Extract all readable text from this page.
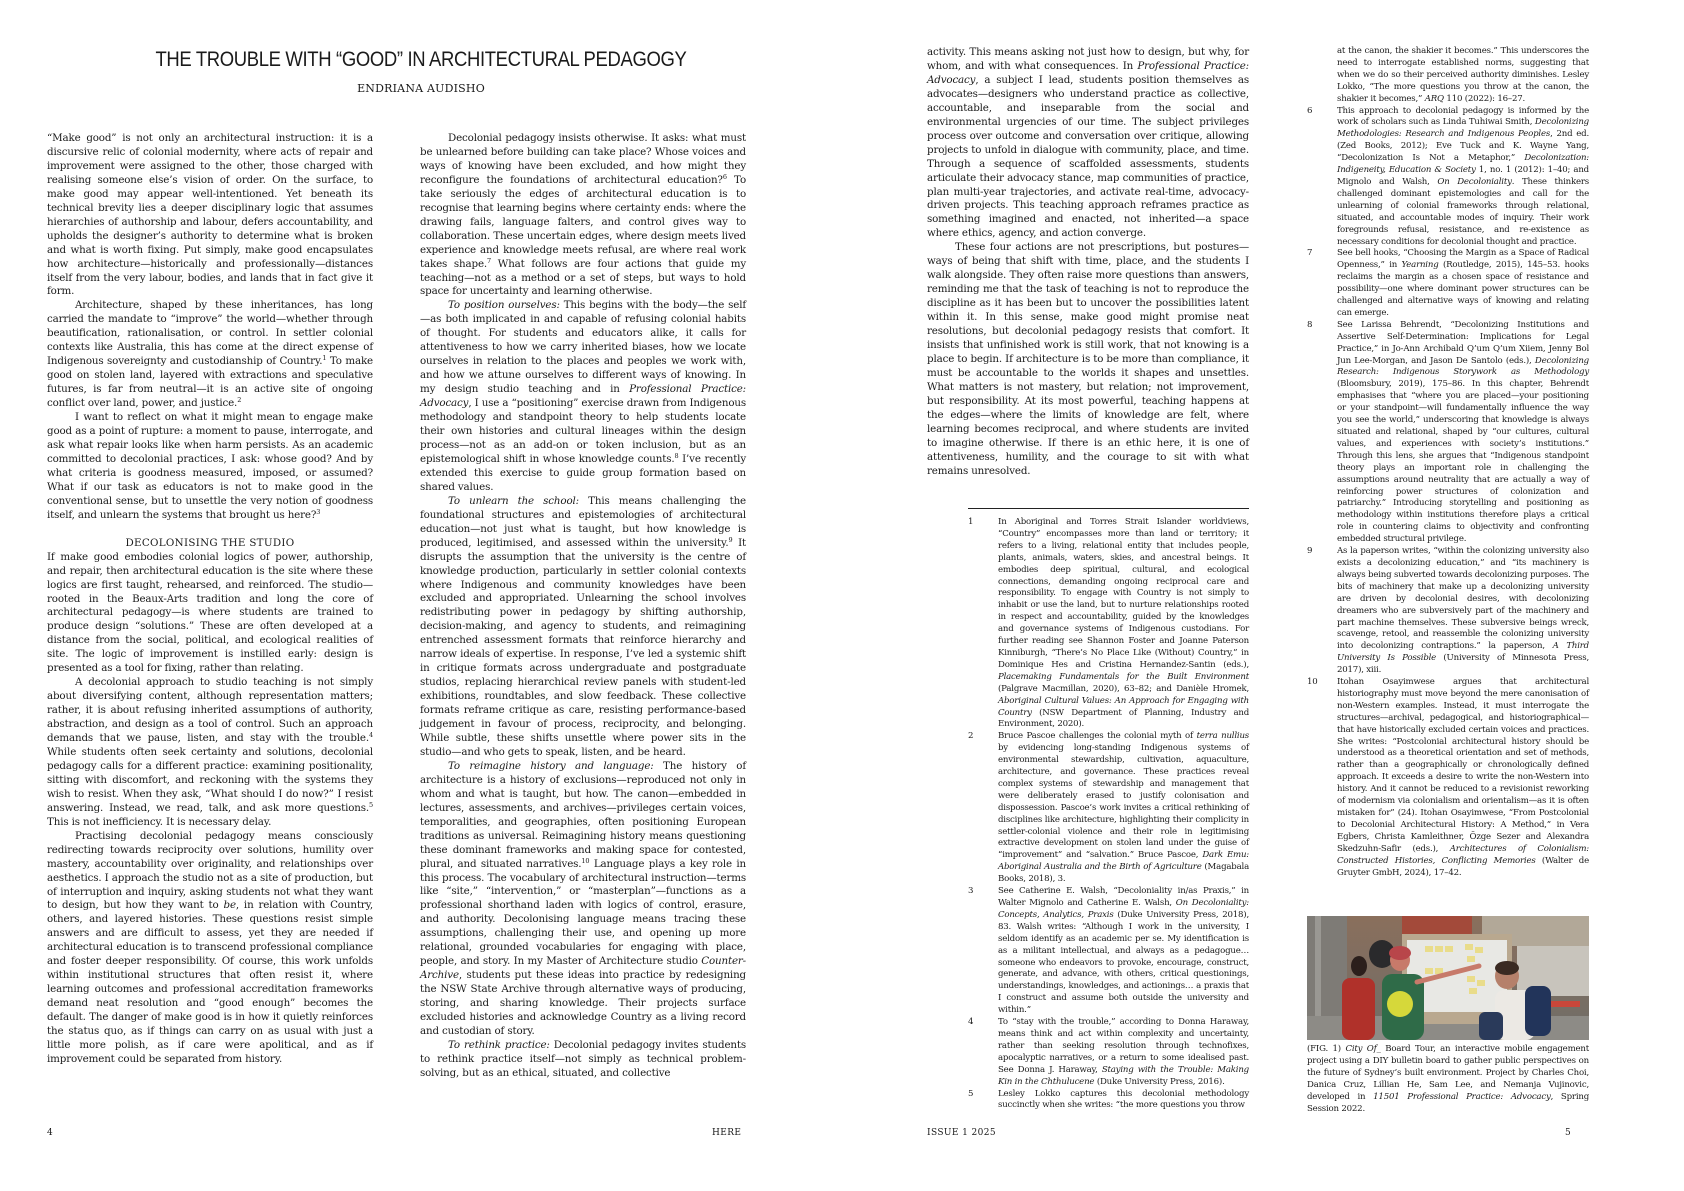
THE TROUBLE WITH “GOOD” IN ARCHITECTURAL PEDAGOGY
ENDRIANA AUDISHO

“Make good” is not only an architectural instruction: it is a discursive relic of colonial modernity, where acts of repair and improvement were assigned to the other, those charged with realising someone else’s vision of order. On the surface, to make good may appear well-intentioned. Yet beneath its technical brevity lies a deeper disciplinary logic that assumes hierarchies of authorship and labour, defers accountability, and upholds the designer’s authority to determine what is broken and what is worth fixing. Put simply, make good encapsulates how architecture—historically and professionally—distances itself from the very labour, bodies, and lands that in fact give it form.

Architecture, shaped by these inheritances, has long carried the mandate to “improve” the world—whether through beautification, rationalisation, or control. In settler colonial contexts like Australia, this has come at the direct expense of Indigenous sovereignty and custodianship of Country.$^1$ To make good on stolen land, layered with extractions and speculative futures, is far from neutral—it is an active site of ongoing conflict over land, power, and justice.$^2$

I want to reflect on what it might mean to engage make good as a point of rupture: a moment to pause, interrogate, and ask what repair looks like when harm persists. As an academic committed to decolonial practices, I ask: whose good? And by what criteria is goodness measured, imposed, or assumed? What if our task as educators is not to make good in the conventional sense, but to unsettle the very notion of goodness itself, and unlearn the systems that brought us here?$^3$

DECOLONISING THE STUDIO

If make good embodies colonial logics of power, authorship, and repair, then architectural education is the site where these logics are first taught, rehearsed, and reinforced. The studio—rooted in the Beaux-Arts tradition and long the core of architectural pedagogy—is where students are trained to produce design “solutions.” These are often developed at a distance from the social, political, and ecological realities of site. The logic of improvement is instilled early: design is presented as a tool for fixing, rather than relating.

A decolonial approach to studio teaching is not simply about diversifying content, although representation matters; rather, it is about refusing inherited assumptions of authority, abstraction, and design as a tool of control. Such an approach demands that we pause, listen, and stay with the trouble.$^4$ While students often seek certainty and solutions, decolonial pedagogy calls for a different practice: examining positionality, sitting with discomfort, and reckoning with the systems they wish to resist. When they ask, “What should I do now?” I resist answering. Instead, we read, talk, and ask more questions.$^5$ This is not inefficiency. It is necessary delay.

Practising decolonial pedagogy means consciously redirecting towards reciprocity over solutions, humility over mastery, accountability over originality, and relationships over aesthetics. I approach the studio not as a site of production, but of interruption and inquiry, asking students not what they want to design, but how they want to be, in relation with Country, others, and layered histories. These questions resist simple answers and are difficult to assess, yet they are needed if architectural education is to transcend professional compliance and foster deeper responsibility. Of course, this work unfolds within institutional structures that often resist it, where learning outcomes and professional accreditation frameworks demand neat resolution and “good enough” becomes the default. The danger of make good is in how it quietly reinforces the status quo, as if things can carry on as usual with just a little more polish, as if care were apolitical, and as if improvement could be separated from history.

Decolonial pedagogy insists otherwise. It asks: what must be unlearned before building can take place? Whose voices and ways of knowing have been excluded, and how might they reconfigure the foundations of architectural education?$^6$ To take seriously the edges of architectural education is to recognise that learning begins where certainty ends: where the drawing fails, language falters, and control gives way to collaboration. These uncertain edges, where design meets lived experience and knowledge meets refusal, are where real work takes shape.$^7$ What follows are four actions that guide my teaching—not as a method or a set of steps, but ways to hold space for uncertainty and learning otherwise.

To position ourselves: This begins with the body—the self—as both implicated in and capable of refusing colonial habits of thought. For students and educators alike, it calls for attentiveness to how we carry inherited biases, how we locate ourselves in relation to the places and peoples we work with, and how we attune ourselves to different ways of knowing. In my design studio teaching and in Professional Practice: Advocacy, I use a “positioning” exercise drawn from Indigenous methodology and standpoint theory to help students locate their own histories and cultural lineages within the design process—not as an add-on or token inclusion, but as an epistemological shift in whose knowledge counts.$^8$ I’ve recently extended this exercise to guide group formation based on shared values.

To unlearn the school: This means challenging the foundational structures and epistemologies of architectural education—not just what is taught, but how knowledge is produced, legitimised, and assessed within the university.$^9$ It disrupts the assumption that the university is the centre of knowledge production, particularly in settler colonial contexts where Indigenous and community knowledges have been excluded and appropriated. Unlearning the school involves redistributing power in pedagogy by shifting authorship, decision-making, and agency to students, and reimagining entrenched assessment formats that reinforce hierarchy and narrow ideals of expertise. In response, I’ve led a systemic shift in critique formats across undergraduate and postgraduate studios, replacing hierarchical review panels with student-led exhibitions, roundtables, and slow feedback. These collective formats reframe critique as care, resisting performance-based judgement in favour of process, reciprocity, and belonging. While subtle, these shifts unsettle where power sits in the studio—and who gets to speak, listen, and be heard.

To reimagine history and language: The history of architecture is a history of exclusions—reproduced not only in whom and what is taught, but how. The canon—embedded in lectures, assessments, and archives—privileges certain voices, temporalities, and geographies, often positioning European traditions as universal. Reimagining history means questioning these dominant frameworks and making space for contested, plural, and situated narratives.$^{10}$ Language plays a key role in this process. The vocabulary of architectural instruction—terms like “site,” “intervention,” or “masterplan”—functions as a professional shorthand laden with logics of control, erasure, and authority. Decolonising language means tracing these assumptions, challenging their use, and opening up more relational, grounded vocabularies for engaging with place, people, and story. In my Master of Architecture studio Counter-Archive, students put these ideas into practice by redesigning the NSW State Archive through alternative ways of producing, storing, and sharing knowledge. Their projects surface excluded histories and acknowledge Country as a living record and custodian of story.

To rethink practice: Decolonial pedagogy invites students to rethink practice itself—not simply as technical problem-solving, but as an ethical, situated, and collective

4	HERE

activity. This means asking not just how to design, but why, for whom, and with what consequences. In Professional Practice: Advocacy, a subject I lead, students position themselves as advocates—designers who understand practice as collective, accountable, and inseparable from the social and environmental urgencies of our time. The subject privileges process over outcome and conversation over critique, allowing projects to unfold in dialogue with community, place, and time. Through a sequence of scaffolded assessments, students articulate their advocacy stance, map communities of practice, plan multi-year trajectories, and activate real-time, advocacy-driven projects. This teaching approach reframes practice as something imagined and enacted, not inherited—a space where ethics, agency, and action converge.

These four actions are not prescriptions, but postures—ways of being that shift with time, place, and the students I walk alongside. They often raise more questions than answers, reminding me that the task of teaching is not to reproduce the discipline as it has been but to uncover the possibilities latent within it. In this sense, make good might promise neat resolutions, but decolonial pedagogy resists that comfort. It insists that unfinished work is still work, that not knowing is a place to begin. If architecture is to be more than compliance, it must be accountable to the worlds it shapes and unsettles. What matters is not mastery, but relation; not improvement, but responsibility. At its most powerful, teaching happens at the edges—where the limits of knowledge are felt, where learning becomes reciprocal, and where students are invited to imagine otherwise. If there is an ethic here, it is one of attentiveness, humility, and the courage to sit with what remains unresolved.

1	In Aboriginal and Torres Strait Islander worldviews, “Country” encompasses more than land or territory; it refers to a living, relational entity that includes people, plants, animals, waters, skies, and ancestral beings. It embodies deep spiritual, cultural, and ecological connections, demanding ongoing reciprocal care and responsibility. To engage with Country is not simply to inhabit or use the land, but to nurture relationships rooted in respect and accountability, guided by the knowledges and governance systems of Indigenous custodians. For further reading see Shannon Foster and Joanne Paterson Kinniburgh, “There’s No Place Like (Without) Country,” in Dominique Hes and Cristina Hernandez-Santin (eds.), Placemaking Fundamentals for the Built Environment (Palgrave Macmillan, 2020), 63–82; and Danièle Hromek, Aboriginal Cultural Values: An Approach for Engaging with Country (NSW Department of Planning, Industry and Environment, 2020).

2	Bruce Pascoe challenges the colonial myth of terra nullius by evidencing long-standing Indigenous systems of environmental stewardship, cultivation, aquaculture, architecture, and governance. These practices reveal complex systems of stewardship and management that were deliberately erased to justify colonisation and dispossession. Pascoe’s work invites a critical rethinking of disciplines like architecture, highlighting their complicity in settler-colonial violence and their role in legitimising extractive development on stolen land under the guise of “improvement” and “salvation.” Bruce Pascoe, Dark Emu: Aboriginal Australia and the Birth of Agriculture (Magabala Books, 2018), 3.

3	See Catherine E. Walsh, “Decoloniality in/as Praxis,” in Walter Mignolo and Catherine E. Walsh, On Decoloniality: Concepts, Analytics, Praxis (Duke University Press, 2018), 83. Walsh writes: “Although I work in the university, I seldom identify as an academic per se. My identification is as a militant intellectual, and always as a pedagogue… someone who endeavors to provoke, encourage, construct, generate, and advance, with others, critical questionings, understandings, knowledges, and actionings… a praxis that I construct and assume both outside the university and within.”

4	To “stay with the trouble,” according to Donna Haraway, means think and act within complexity and uncertainty, rather than seeking resolution through technofixes, apocalyptic narratives, or a return to some idealised past. See Donna J. Haraway, Staying with the Trouble: Making Kin in the Chthulucene (Duke University Press, 2016).

5	Lesley Lokko captures this decolonial methodology succinctly when she writes: “the more questions you throw

at the canon, the shakier it becomes.” This underscores the need to interrogate established norms, suggesting that when we do so their perceived authority diminishes. Lesley Lokko, “The more questions you throw at the canon, the shakier it becomes,” ARQ 110 (2022): 16–27.

6	This approach to decolonial pedagogy is informed by the work of scholars such as Linda Tuhiwai Smith, Decolonizing Methodologies: Research and Indigenous Peoples, 2nd ed. (Zed Books, 2012); Eve Tuck and K. Wayne Yang, “Decolonization Is Not a Metaphor,” Decolonization: Indigeneity, Education & Society 1, no. 1 (2012): 1–40; and Mignolo and Walsh, On Decoloniality. These thinkers challenged dominant epistemologies and call for the unlearning of colonial frameworks through relational, situated, and accountable modes of inquiry. Their work foregrounds refusal, resistance, and re-existence as necessary conditions for decolonial thought and practice.

7	See bell hooks, “Choosing the Margin as a Space of Radical Openness,” in Yearning (Routledge, 2015), 145–53. hooks reclaims the margin as a chosen space of resistance and possibility—one where dominant power structures can be challenged and alternative ways of knowing and relating can emerge.

8	See Larissa Behrendt, “Decolonizing Institutions and Assertive Self-Determination: Implications for Legal Practice,” in Jo-Ann Archibald Q’um Q’um Xiiem, Jenny Bol Jun Lee-Morgan, and Jason De Santolo (eds.), Decolonizing Research: Indigenous Storywork as Methodology (Bloomsbury, 2019), 175–86. In this chapter, Behrendt emphasises that “where you are placed—your positioning or your standpoint—will fundamentally influence the way you see the world,” underscoring that knowledge is always situated and relational, shaped by “our cultures, cultural values, and experiences with society’s institutions.” Through this lens, she argues that “Indigenous standpoint theory plays an important role in challenging the assumptions around neutrality that are actually a way of reinforcing power structures of colonization and patriarchy.” Introducing storytelling and positioning as methodology within institutions therefore plays a critical role in countering claims to objectivity and confronting embedded structural privilege.

9	As la paperson writes, “within the colonizing university also exists a decolonizing education,” and “its machinery is always being subverted towards decolonizing purposes. The bits of machinery that make up a decolonizing university are driven by decolonial desires, with decolonizing dreamers who are subversively part of the machinery and part machine themselves. These subversive beings wreck, scavenge, retool, and reassemble the colonizing university into decolonizing contraptions.” la paperson, A Third University Is Possible (University of Minnesota Press, 2017), xiii.

10 Itohan Osayimwese argues that architectural historiography must move beyond the mere canonisation of non-Western examples. Instead, it must interrogate the structures—archival, pedagogical, and historiographical—that have historically excluded certain voices and practices. She writes: “Postcolonial architectural history should be understood as a theoretical orientation and set of methods, rather than a geographically or chronologically defined approach. It exceeds a desire to write the non-Western into history. And it cannot be reduced to a revisionist reworking of modernism via colonialism and orientalism—as it is often mistaken for” (24). Itohan Osayimwese, “From Postcolonial to Decolonial Architectural History: A Method,” in Vera Egbers, Christa Kamleithner, Özge Sezer and Alexandra Skedzuhn-Safir (eds.), Architectures of Colonialism: Constructed Histories, Conflicting Memories (Walter de Gruyter GmbH, 2024), 17–42.

(FIG. 1) City Of_ Board Tour, an interactive mobile engagement project using a DIY bulletin board to gather public perspectives on the future of Sydney’s built environment. Project by Charles Choi, Danica Cruz, Lillian He, Sam Lee, and Nemanja Vujinovic, developed in 11501 Professional Practice: Advocacy, Spring Session 2022.
ISSUE 1 2025	5
